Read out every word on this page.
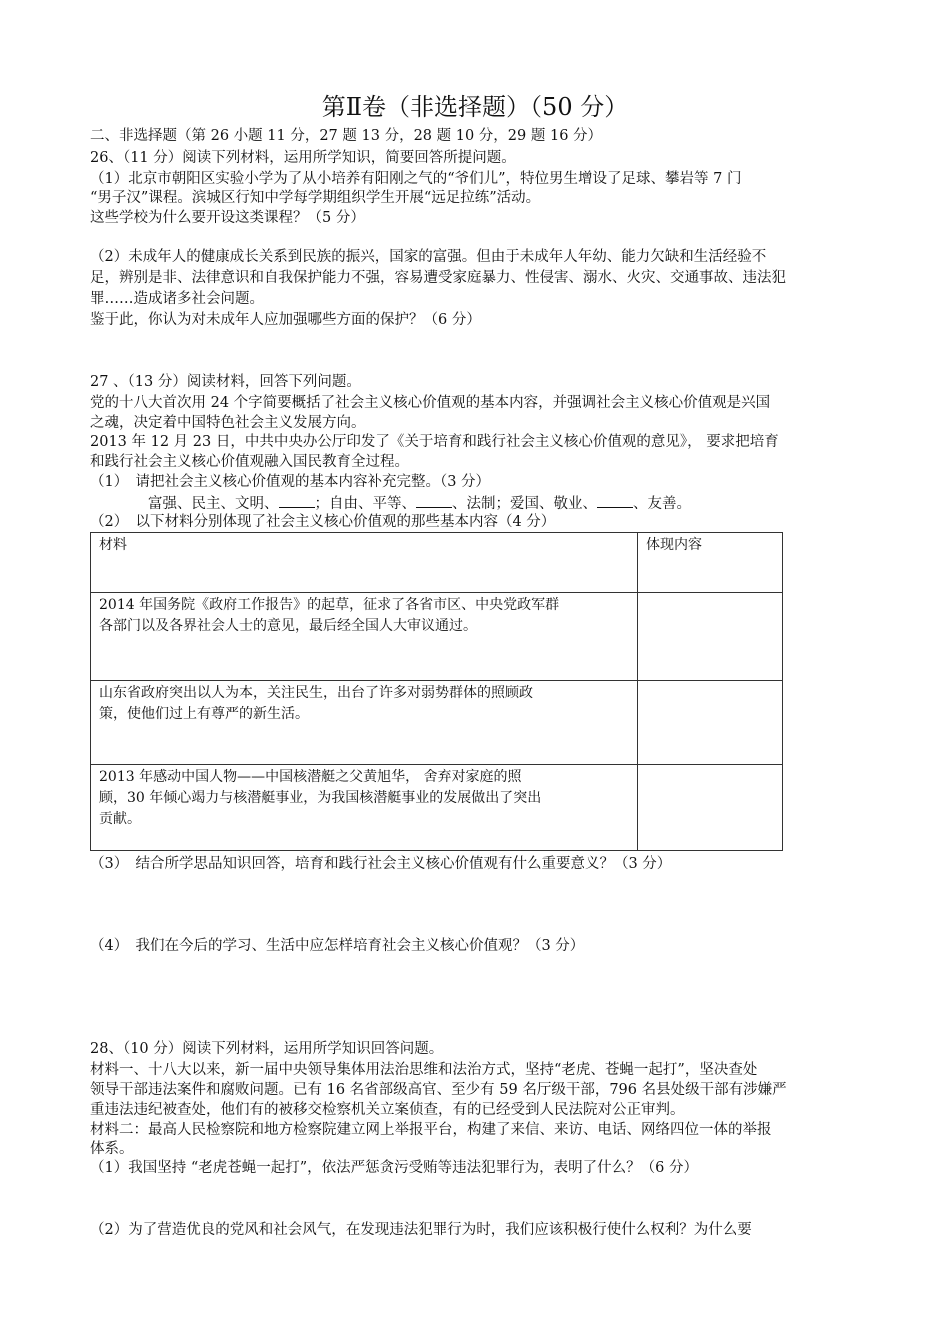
第Ⅱ卷（非选择题）（50 分）
二、非选择题（第 26 小题 11 分，27 题 13 分，28 题 10 分，29 题 16 分）
26、（11 分）阅读下列材料，运用所学知识，简要回答所提问题。
（1）北京市朝阳区实验小学为了从小培养有阳刚之气的“爷们儿”，特位男生增设了足球、攀岩等 7 门
“男子汉”课程。滨城区行知中学每学期组织学生开展“远足拉练”活动。
这些学校为什么要开设这类课程？（5 分）
（2）未成年人的健康成长关系到民族的振兴，国家的富强。但由于未成年人年幼、能力欠缺和生活经验不
足，辨别是非、法律意识和自我保护能力不强，容易遭受家庭暴力、性侵害、溺水、火灾、交通事故、违法犯
罪……造成诸多社会问题。
鉴于此，你认为对未成年人应加强哪些方面的保护？（6 分）
27 、（13 分）阅读材料，回答下列问题。
党的十八大首次用 24 个字简要概括了社会主义核心价值观的基本内容，并强调社会主义核心价值观是兴国
之魂，决定着中国特色社会主义发展方向。
2013 年 12 月 23 日，中共中央办公厅印发了《关于培育和践行社会主义核心价值观的意见》， 要求把培育
和践行社会主义核心价值观融入国民教育全过程。
（1）　请把社会主义核心价值观的基本内容补充完整。（3 分）
富强、民主、文明、 ；自由、平等、 、法制；爱国、敬业、 、友善。
（2）　以下材料分别体现了社会主义核心价值观的那些基本内容（4 分）
材料	体现内容

2014 年国务院《政府工作报告》的起草，征求了各省市区、中央党政军群
各部门以及各界社会人士的意见，最后经全国人大审议通过。	

山东省政府突出以人为本，关注民生，出台了许多对弱势群体的照顾政
策，使他们过上有尊严的新生活。	

2013 年感动中国人物——中国核潜艇之父黄旭华， 舍弃对家庭的照
顾，30 年倾心竭力与核潜艇事业，为我国核潜艇事业的发展做出了突出
贡献。	

（3）　结合所学思品知识回答，培育和践行社会主义核心价值观有什么重要意义？（3 分）
（4）　我们在今后的学习、生活中应怎样培育社会主义核心价值观？（3 分）
28、（10 分）阅读下列材料，运用所学知识回答问题。
材料一、十八大以来，新一届中央领导集体用法治思维和法治方式，坚持“老虎、苍蝇一起打”，坚决查处
领导干部违法案件和腐败问题。已有 16 名省部级高官、至少有 59 名厅级干部，796 名县处级干部有涉嫌严
重违法违纪被查处，他们有的被移交检察机关立案侦查，有的已经受到人民法院对公正审判。
材料二：最高人民检察院和地方检察院建立网上举报平台，构建了来信、来访、电话、网络四位一体的举报
体系。
（1）我国坚持 “老虎苍蝇一起打”，依法严惩贪污受贿等违法犯罪行为，表明了什么？（6 分）
（2）为了营造优良的党风和社会风气，在发现违法犯罪行为时，我们应该积极行使什么权利？为什么要
